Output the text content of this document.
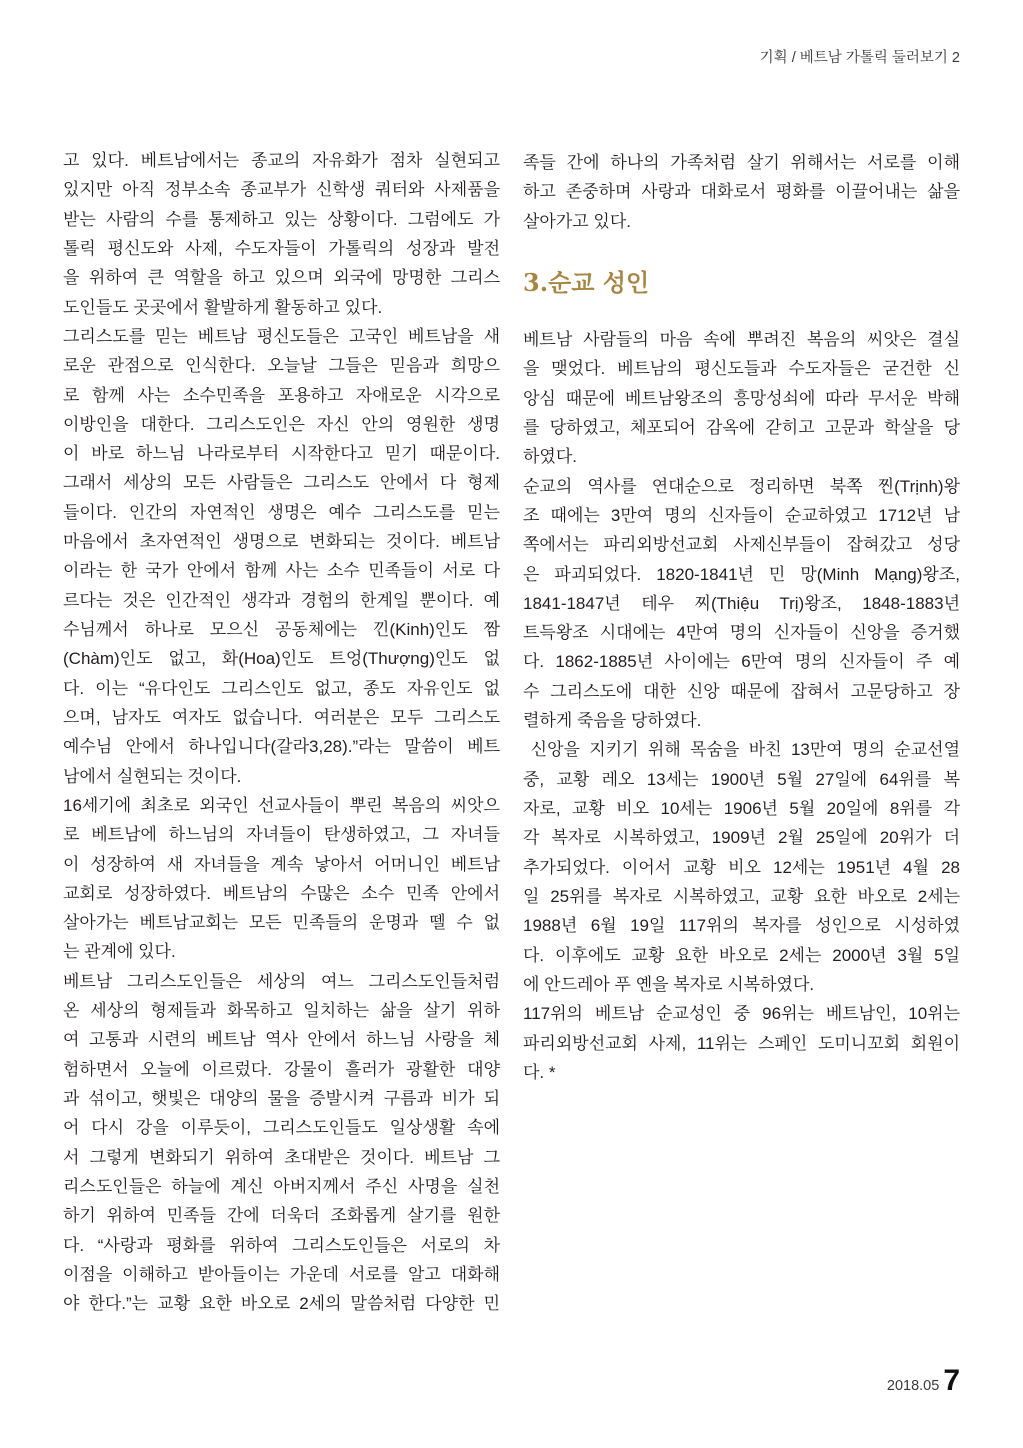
기획 / 베트남 가톨릭 둘러보기 2
고 있다. 베트남에서는 종교의 자유화가 점차 실현되고
있지만 아직 정부소속 종교부가 신학생 쿼터와 사제품을
받는 사람의 수를 통제하고 있는 상황이다. 그럼에도 가
톨릭 평신도와 사제, 수도자들이 가톨릭의 성장과 발전
을 위하여 큰 역할을 하고 있으며 외국에 망명한 그리스
도인들도 곳곳에서 활발하게 활동하고 있다.
그리스도를 믿는 베트남 평신도들은 고국인 베트남을 새
로운 관점으로 인식한다. 오늘날 그들은 믿음과 희망으
로 함께 사는 소수민족을 포용하고 자애로운 시각으로
이방인을 대한다. 그리스도인은 자신 안의 영원한 생명
이 바로 하느님 나라로부터 시작한다고 믿기 때문이다.
그래서 세상의 모든 사람들은 그리스도 안에서 다 형제
들이다. 인간의 자연적인 생명은 예수 그리스도를 믿는
마음에서 초자연적인 생명으로 변화되는 것이다. 베트남
이라는 한 국가 안에서 함께 사는 소수 민족들이 서로 다
르다는 것은 인간적인 생각과 경험의 한계일 뿐이다. 예
수님께서 하나로 모으신 공동체에는 낀(Kinh)인도 짬
(Chàm)인도 없고, 화(Hoa)인도 트엉(Thượng)인도 없
다. 이는 “유다인도 그리스인도 없고, 종도 자유인도 없
으며, 남자도 여자도 없습니다. 여러분은 모두 그리스도
예수님 안에서 하나입니다(갈라3,28).”라는 말씀이 베트
남에서 실현되는 것이다.
16세기에 최초로 외국인 선교사들이 뿌린 복음의 씨앗으
로 베트남에 하느님의 자녀들이 탄생하였고, 그 자녀들
이 성장하여 새 자녀들을 계속 낳아서 어머니인 베트남
교회로 성장하였다. 베트남의 수많은 소수 민족 안에서
살아가는 베트남교회는 모든 민족들의 운명과 뗄 수 없
는 관계에 있다.
베트남 그리스도인들은 세상의 여느 그리스도인들처럼
온 세상의 형제들과 화목하고 일치하는 삶을 살기 위하
여 고통과 시련의 베트남 역사 안에서 하느님 사랑을 체
험하면서 오늘에 이르렀다. 강물이 흘러가 광활한 대양
과 섞이고, 햇빛은 대양의 물을 증발시켜 구름과 비가 되
어 다시 강을 이루듯이, 그리스도인들도 일상생활 속에
서 그렇게 변화되기 위하여 초대받은 것이다. 베트남 그
리스도인들은 하늘에 계신 아버지께서 주신 사명을 실천
하기 위하여 민족들 간에 더욱더 조화롭게 살기를 원한
다. “사랑과 평화를 위하여 그리스도인들은 서로의 차
이점을 이해하고 받아들이는 가운데 서로를 알고 대화해
야 한다.”는 교황 요한 바오로 2세의 말씀처럼 다양한 민
족들 간에 하나의 가족처럼 살기 위해서는 서로를 이해
하고 존중하며 사랑과 대화로서 평화를 이끌어내는 삶을
살아가고 있다.
3.순교 성인
베트남 사람들의 마음 속에 뿌려진 복음의 씨앗은 결실
을 맺었다. 베트남의 평신도들과 수도자들은 굳건한 신
앙심 때문에 베트남왕조의 흥망성쇠에 따라 무서운 박해
를 당하였고, 체포되어 감옥에 갇히고 고문과 학살을 당
하였다.
순교의 역사를 연대순으로 정리하면 북쪽 찐(Trịnh)왕
조 때에는 3만여 명의 신자들이 순교하였고 1712년 남
쪽에서는 파리외방선교회 사제신부들이 잡혀갔고 성당
은 파괴되었다. 1820-1841년 민 망(Minh Mạng)왕조,
1841-1847년 테우 찌(Thiệu Trị)왕조, 1848-1883년
트득왕조 시대에는 4만여 명의 신자들이 신앙을 증거했
다. 1862-1885년 사이에는 6만여 명의 신자들이 주 예
수 그리스도에 대한 신앙 때문에 잡혀서 고문당하고 장
렬하게 죽음을 당하였다.
신앙을 지키기 위해 목숨을 바친 13만여 명의 순교선열
중, 교황 레오 13세는 1900년 5월 27일에 64위를 복
자로, 교황 비오 10세는 1906년 5월 20일에 8위를 각
각 복자로 시복하였고, 1909년 2월 25일에 20위가 더
추가되었다. 이어서 교황 비오 12세는 1951년 4월 28
일 25위를 복자로 시복하였고, 교황 요한 바오로 2세는
1988년 6월 19일 117위의 복자를 성인으로 시성하였
다. 이후에도 교황 요한 바오로 2세는 2000년 3월 5일
에 안드레아 푸 옌을 복자로 시복하였다.
117위의 베트남 순교성인 중 96위는 베트남인, 10위는
파리외방선교회 사제, 11위는 스페인 도미니꼬회 회원이
다. *
2018.05 7
